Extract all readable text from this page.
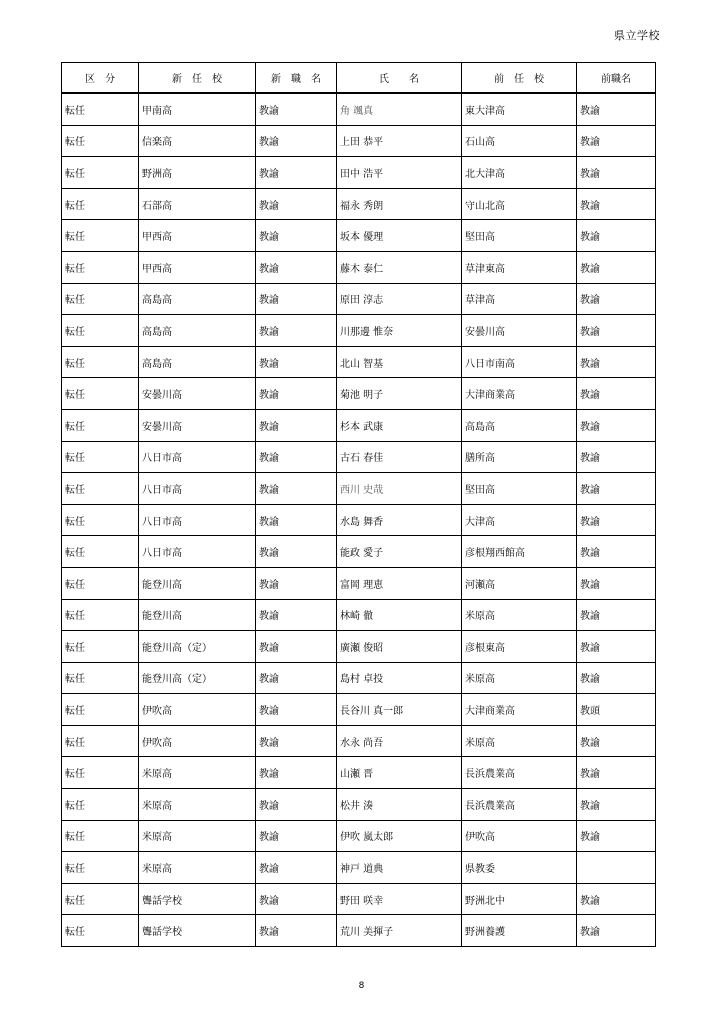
県立学校
区　分	新　任　校	新　職　名	氏　　名	前　任　校	前職名
転任	甲南高	教諭	角 颯真	東大津高	教諭
転任	信楽高	教諭	上田 恭平	石山高	教諭
転任	野洲高	教諭	田中 浩平	北大津高	教諭
転任	石部高	教諭	福永 秀朗	守山北高	教諭
転任	甲西高	教諭	坂本 優理	堅田高	教諭
転任	甲西高	教諭	藤木 泰仁	草津東高	教諭
転任	高島高	教諭	原田 淳志	草津高	教諭
転任	高島高	教諭	川那邊 惟奈	安曇川高	教諭
転任	高島高	教諭	北山 智基	八日市南高	教諭
転任	安曇川高	教諭	菊池 明子	大津商業高	教諭
転任	安曇川高	教諭	杉本 武康	高島高	教諭
転任	八日市高	教諭	古石 春佳	膳所高	教諭
転任	八日市高	教諭	西川 史哉	堅田高	教諭
転任	八日市高	教諭	水島 舞香	大津高	教諭
転任	八日市高	教諭	能政 愛子	彦根翔西館高	教諭
転任	能登川高	教諭	富岡 理恵	河瀬高	教諭
転任	能登川高	教諭	林崎 徹	米原高	教諭
転任	能登川高（定）	教諭	廣瀬 俊昭	彦根東高	教諭
転任	能登川高（定）	教諭	島村 卓投	米原高	教諭
転任	伊吹高	教諭	長谷川 真一郎	大津商業高	教頭
転任	伊吹高	教諭	水永 尚吾	米原高	教諭
転任	米原高	教諭	山瀬 晋	長浜農業高	教諭
転任	米原高	教諭	松井 湊	長浜農業高	教諭
転任	米原高	教諭	伊吹 嵐太郎	伊吹高	教諭
転任	米原高	教諭	神戸 道典	県教委	
転任	聾話学校	教諭	野田 咲幸	野洲北中	教諭
転任	聾話学校	教諭	荒川 美揮子	野洲養護	教諭
8
